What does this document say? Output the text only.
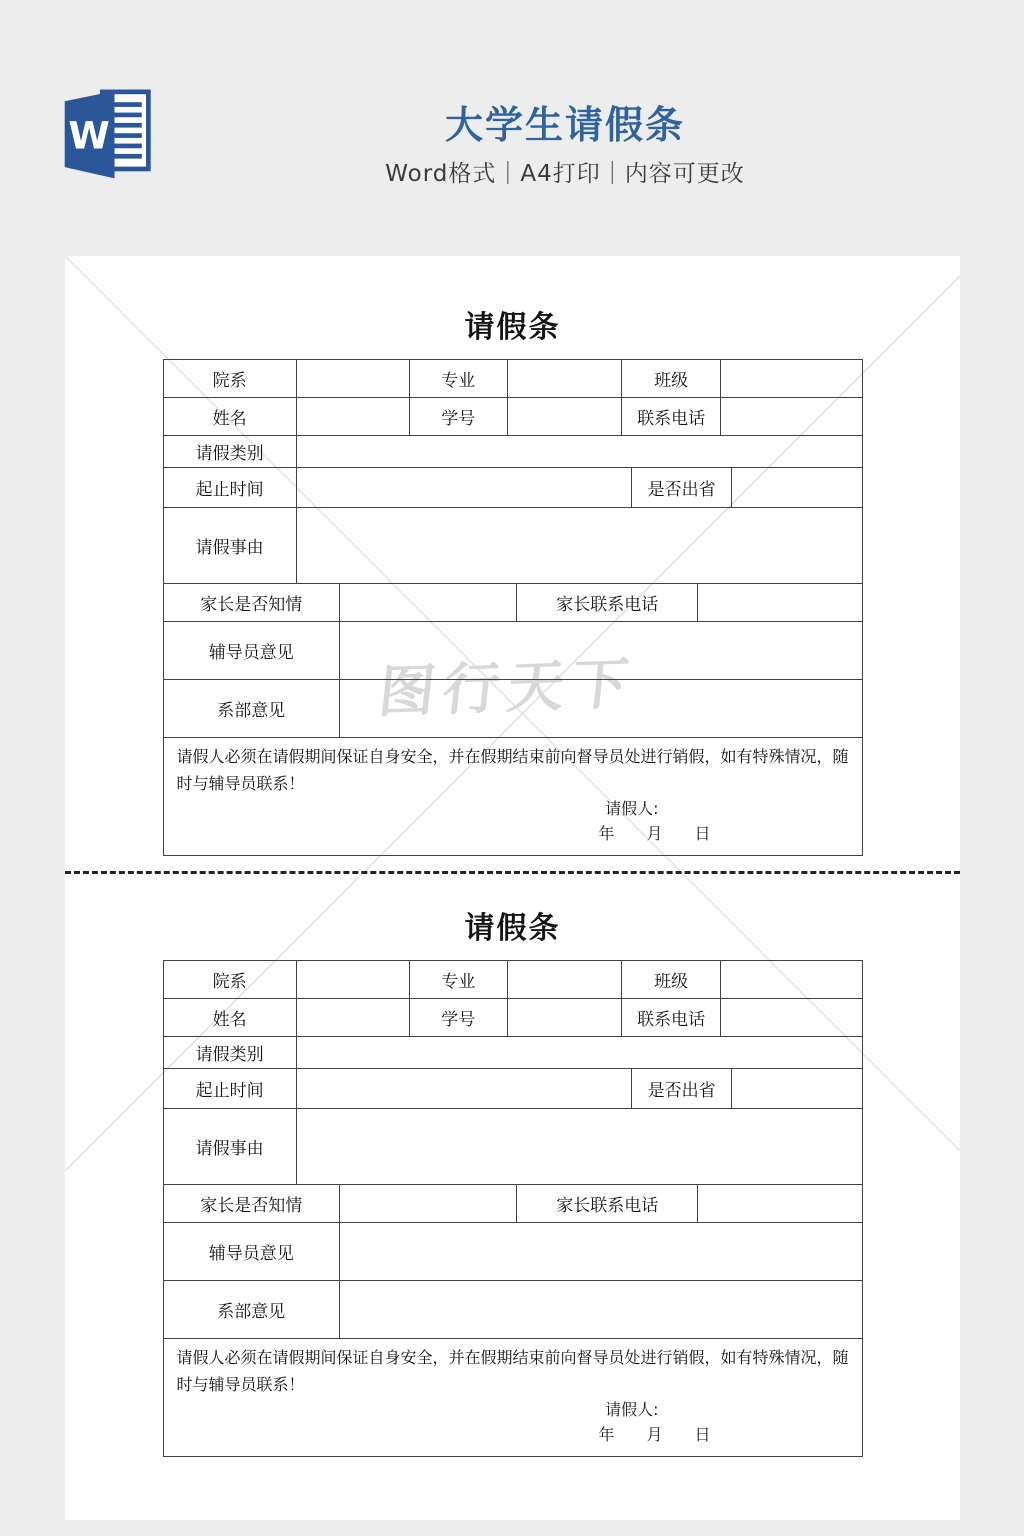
W	大学生请假条
Word格式｜A4打印｜内容可更改
图行天下
请假条
院系	专业	班级
姓名	学号	联系电话
请假类别
起止时间	是否出省
请假事由
家长是否知情	家长联系电话
辅导员意见
系部意见
请假人必须在请假期间保证自身安全，并在假期结束前向督导员处进行销假，如有特殊情况，随时与辅导员联系！
请假人:
年　　月　　日
请假条
院系	专业	班级
姓名	学号	联系电话
请假类别
起止时间	是否出省
请假事由
家长是否知情	家长联系电话
辅导员意见
系部意见
请假人必须在请假期间保证自身安全，并在假期结束前向督导员处进行销假，如有特殊情况，随时与辅导员联系！
请假人:
年　　月　　日
